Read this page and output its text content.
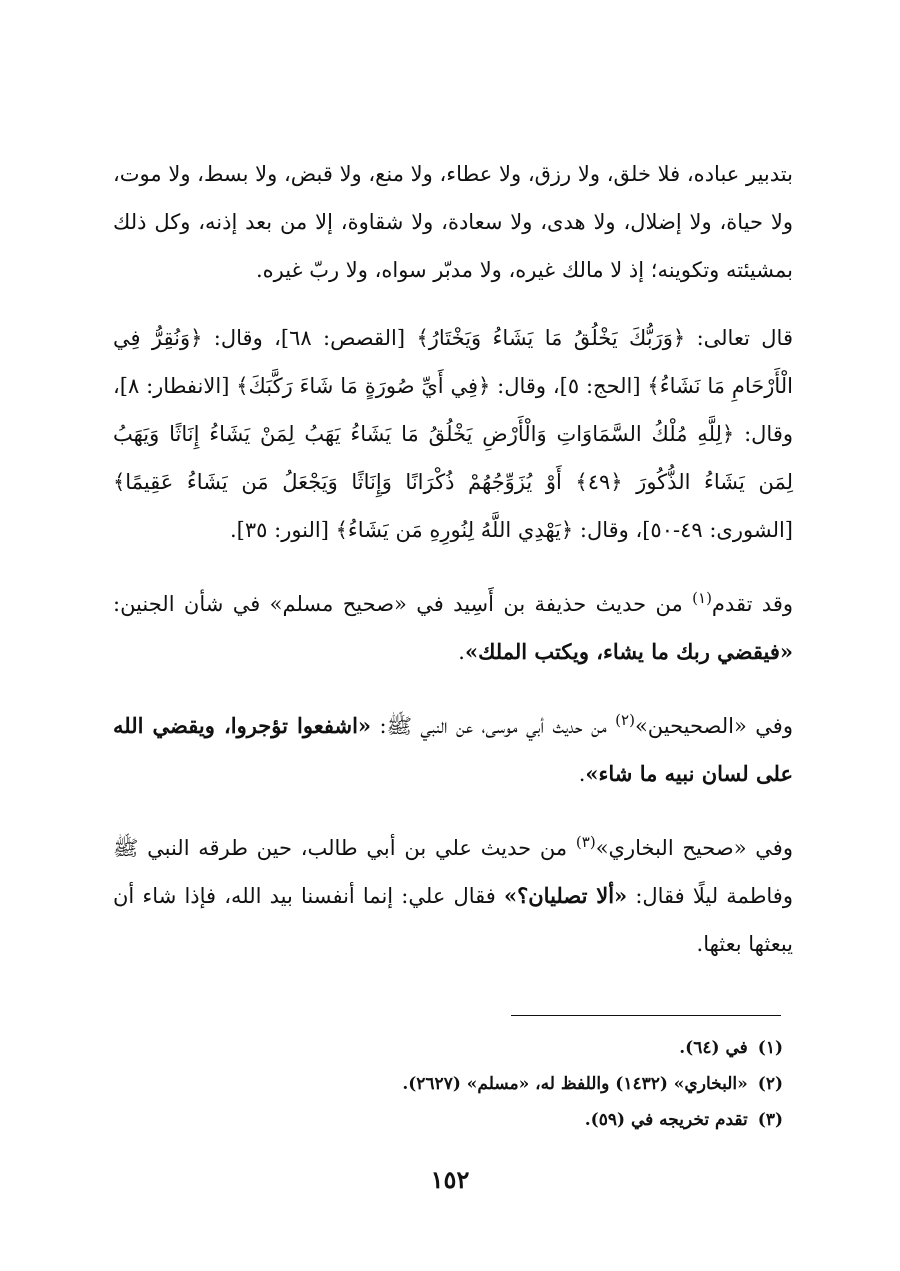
بتدبير عباده، فلا خلق، ولا رزق، ولا عطاء، ولا منع، ولا قبض، ولا بسط، ولا موت، ولا حياة، ولا إضلال، ولا هدى، ولا سعادة، ولا شقاوة، إلا من بعد إذنه، وكل ذلك بمشيئته وتكوينه؛ إذ لا مالك غيره، ولا مدبّر سواه، ولا ربّ غيره.

قال تعالى: ﴿وَرَبُّكَ يَخْلُقُ مَا يَشَاءُ وَيَخْتَارُ﴾ [القصص: ٦٨]، وقال: ﴿وَنُقِرُّ فِي الْأَرْحَامِ مَا نَشَاءُ﴾ [الحج: ٥]، وقال: ﴿فِي أَيِّ صُورَةٍ مَا شَاءَ رَكَّبَكَ﴾ [الانفطار: ٨]، وقال: ﴿لِلَّهِ مُلْكُ السَّمَاوَاتِ وَالْأَرْضِ يَخْلُقُ مَا يَشَاءُ يَهَبُ لِمَنْ يَشَاءُ إِنَاثًا وَيَهَبُ لِمَن يَشَاءُ الذُّكُورَ ﴿٤٩﴾ أَوْ يُزَوِّجُهُمْ ذُكْرَانًا وَإِنَاثًا وَيَجْعَلُ مَن يَشَاءُ عَقِيمًا﴾ [الشورى: ٤٩-٥٠]، وقال: ﴿يَهْدِي اللَّهُ لِنُورِهِ مَن يَشَاءُ﴾ [النور: ٣٥].

وقد تقدم$^{(١)}$ من حديث حذيفة بن أَسِيد في «صحيح مسلم» في شأن الجنين: «فيقضي ربك ما يشاء، ويكتب الملك».

وفي «الصحيحين»$^{(٢)}$ من حديث أبي موسى، عن النبي ﷺ: «اشفعوا تؤجروا، ويقضي الله على لسان نبيه ما شاء».

وفي «صحيح البخاري»$^{(٣)}$ من حديث علي بن أبي طالب، حين طرقه النبي ﷺ وفاطمة ليلًا فقال: «ألا تصليان؟» فقال علي: إنما أنفسنا بيد الله، فإذا شاء أن يبعثها بعثها.

(١)في (٦٤).
(٢)«البخاري» (١٤٣٢) واللفظ له، «مسلم» (٢٦٢٧).
(٣)تقدم تخريجه في (٥٩).
١٥٢
